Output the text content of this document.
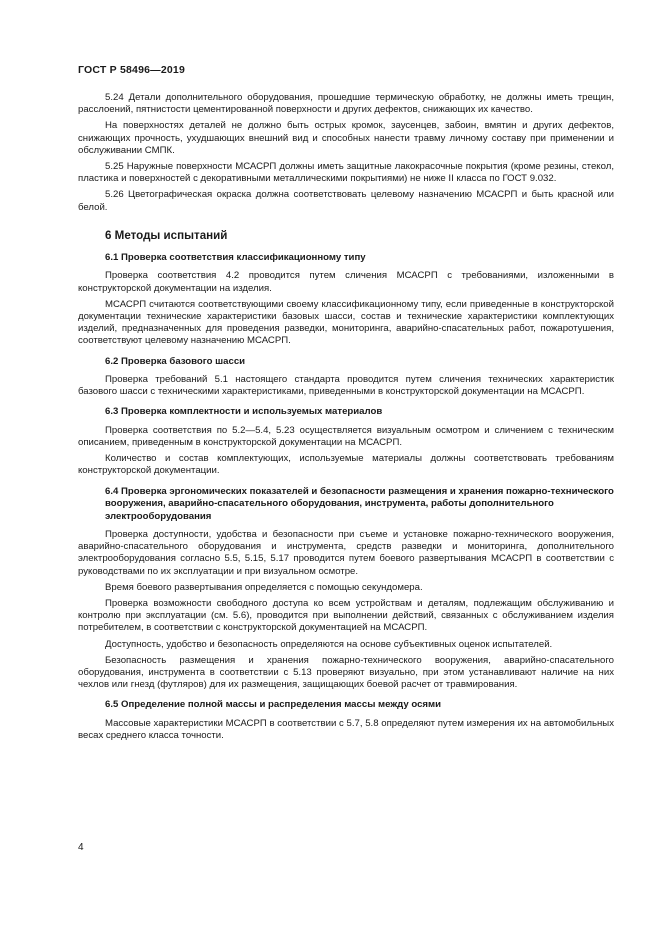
ГОСТ Р 58496—2019

5.24 Детали дополнительного оборудования, прошедшие термическую обработку, не должны иметь трещин, расслоений, пятнистости цементированной поверхности и других дефектов, снижающих их качество.

На поверхностях деталей не должно быть острых кромок, заусенцев, забоин, вмятин и других дефектов, снижающих прочность, ухудшающих внешний вид и способных нанести травму личному составу при применении и обслуживании СМПК.

5.25 Наружные поверхности МСАСРП должны иметь защитные лакокрасочные покрытия (кроме резины, стекол, пластика и поверхностей с декоративными металлическими покрытиями) не ниже II класса по ГОСТ 9.032.

5.26 Цветографическая окраска должна соответствовать целевому назначению МСАСРП и быть красной или белой.

6 Методы испытаний
6.1 Проверка соответствия классификационному типу

Проверка соответствия 4.2 проводится путем сличения МСАСРП с требованиями, изложенными в конструкторской документации на изделия.

МСАСРП считаются соответствующими своему классификационному типу, если приведенные в конструкторской документации технические характеристики базовых шасси, состав и технические характеристики комплектующих изделий, предназначенных для проведения разведки, мониторинга, аварийно-спасательных работ, пожаротушения, соответствуют целевому назначению МСАСРП.

6.2 Проверка базового шасси

Проверка требований 5.1 настоящего стандарта проводится путем сличения технических характеристик базового шасси с техническими характеристиками, приведенными в конструкторской документации на МСАСРП.

6.3 Проверка комплектности и используемых материалов

Проверка соответствия по 5.2—5.4, 5.23 осуществляется визуальным осмотром и сличением с техническим описанием, приведенным в конструкторской документации на МСАСРП.

Количество и состав комплектующих, используемые материалы должны соответствовать требованиям конструкторской документации.

6.4 Проверка эргономических показателей и безопасности размещения и хранения пожарно-технического вооружения, аварийно-спасательного оборудования, инструмента, работы дополнительного электрооборудования

Проверка доступности, удобства и безопасности при съеме и установке пожарно-технического вооружения, аварийно-спасательного оборудования и инструмента, средств разведки и мониторинга, дополнительного электрооборудования согласно 5.5, 5.15, 5.17 проводится путем боевого развертывания МСАСРП в соответствии с руководствами по их эксплуатации и при визуальном осмотре.

Время боевого развертывания определяется с помощью секундомера.

Проверка возможности свободного доступа ко всем устройствам и деталям, подлежащим обслуживанию и контролю при эксплуатации (см. 5.6), проводится при выполнении действий, связанных с обслуживанием изделия потребителем, в соответствии с конструкторской документацией на МСАСРП.

Доступность, удобство и безопасность определяются на основе субъективных оценок испытателей.

Безопасность размещения и хранения пожарно-технического вооружения, аварийно-спасательного оборудования, инструмента в соответствии с 5.13 проверяют визуально, при этом устанавливают наличие на них чехлов или гнезд (футляров) для их размещения, защищающих боевой расчет от травмирования.

6.5 Определение полной массы и распределения массы между осями

Массовые характеристики МСАСРП в соответствии с 5.7, 5.8 определяют путем измерения их на автомобильных весах среднего класса точности.

4
